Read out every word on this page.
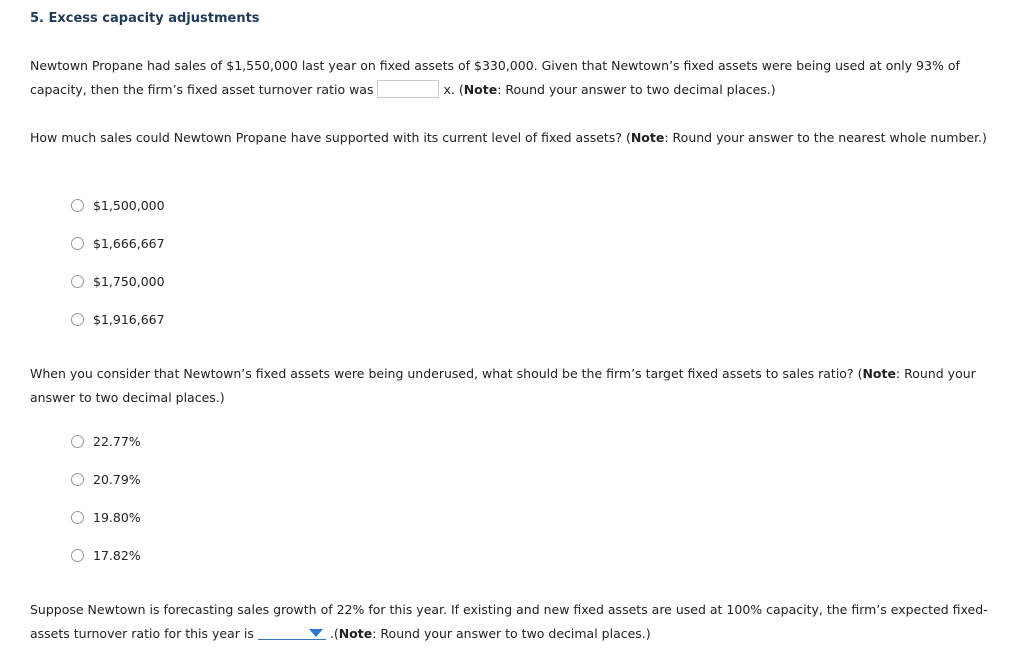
5. Excess capacity adjustments
Newtown Propane had sales of $1,550,000 last year on fixed assets of $330,000. Given that Newtown’s fixed assets were being used at only 93% of capacity, then the firm’s fixed asset turnover ratio was	x. (Note: Round your answer to two decimal places.)
How much sales could Newtown Propane have supported with its current level of fixed assets? (Note: Round your answer to the nearest whole number.)
$1,500,000
$1,666,667
$1,750,000
$1,916,667
When you consider that Newtown’s fixed assets were being underused, what should be the firm’s target fixed assets to sales ratio? (Note: Round your answer to two decimal places.)
22.77%
20.79%
19.80%
17.82%
Suppose Newtown is forecasting sales growth of 22% for this year. If existing and new fixed assets are used at 100% capacity, the firm’s expected fixed-assets turnover ratio for this year is	.(Note: Round your answer to two decimal places.)
